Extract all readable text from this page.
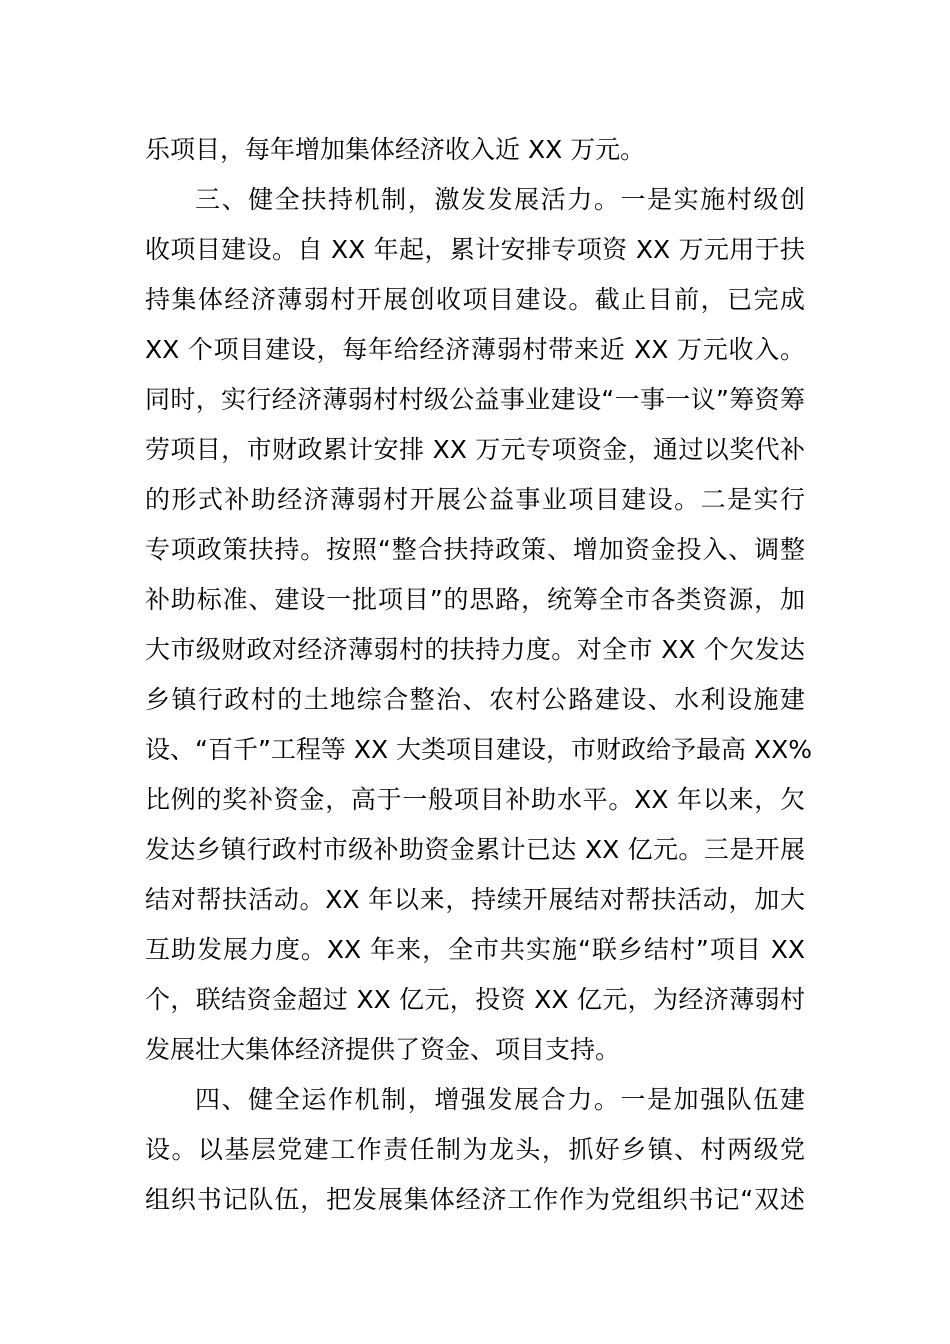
乐项目，每年增加集体经济收入近 XX 万元。
三、健全扶持机制，激发发展活力。一是实施村级创
收项目建设。自 XX 年起，累计安排专项资 XX 万元用于扶
持集体经济薄弱村开展创收项目建设。截止目前，已完成
XX 个项目建设，每年给经济薄弱村带来近 XX 万元收入。
同时，实行经济薄弱村村级公益事业建设“一事一议”筹资筹
劳项目，市财政累计安排 XX 万元专项资金，通过以奖代补
的形式补助经济薄弱村开展公益事业项目建设。二是实行
专项政策扶持。按照“整合扶持政策、增加资金投入、调整
补助标准、建设一批项目”的思路，统筹全市各类资源，加
大市级财政对经济薄弱村的扶持力度。对全市 XX 个欠发达
乡镇行政村的土地综合整治、农村公路建设、水利设施建
设、“百千”工程等 XX 大类项目建设，市财政给予最高 XX%
比例的奖补资金，高于一般项目补助水平。XX 年以来，欠
发达乡镇行政村市级补助资金累计已达 XX 亿元。三是开展
结对帮扶活动。XX 年以来，持续开展结对帮扶活动，加大
互助发展力度。XX 年来，全市共实施“联乡结村”项目 XX
个，联结资金超过 XX 亿元，投资 XX 亿元，为经济薄弱村
发展壮大集体经济提供了资金、项目支持。
四、健全运作机制，增强发展合力。一是加强队伍建
设。以基层党建工作责任制为龙头，抓好乡镇、村两级党
组织书记队伍，把发展集体经济工作作为党组织书记“双述
